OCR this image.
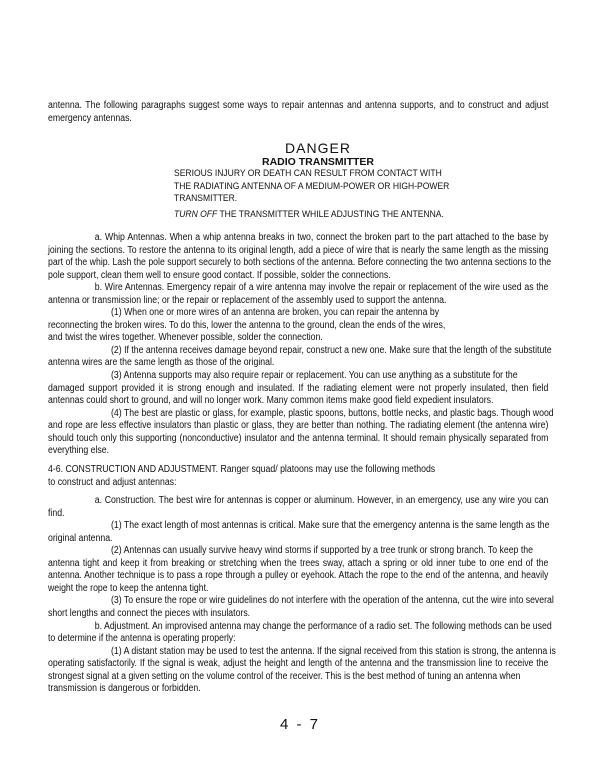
antenna. The following paragraphs suggest some ways to repair antennas and antenna supports, and to construct and adjust
emergency antennas.
DANGER
RADIO TRANSMITTER
SERIOUS INJURY OR DEATH CAN RESULT FROM CONTACT WITH
THE RADIATING ANTENNA OF A MEDIUM-POWER OR HIGH-POWER
TRANSMITTER.
TURN OFF THE TRANSMITTER WHILE ADJUSTING THE ANTENNA.
a. Whip Antennas. When a whip antenna breaks in two, connect the broken part to the part attached to the base by
joining the sections. To restore the antenna to its original length, add a piece of wire that is nearly the same length as the missing
part of the whip. Lash the pole support securely to both sections of the antenna. Before connecting the two antenna sections to the
pole support, clean them well to ensure good contact. If possible, solder the connections.
b. Wire Antennas. Emergency repair of a wire antenna may involve the repair or replacement of the wire used as the
antenna or transmission line; or the repair or replacement of the assembly used to support the antenna.
(1) When one or more wires of an antenna are broken, you can repair the antenna by
reconnecting the broken wires. To do this, lower the antenna to the ground, clean the ends of the wires,
and twist the wires together. Whenever possible, solder the connection.
(2) If the antenna receives damage beyond repair, construct a new one. Make sure that the length of the substitute
antenna wires are the same length as those of the original.
(3) Antenna supports may also require repair or replacement. You can use anything as a substitute for the
damaged support provided it is strong enough and insulated. If the radiating element were not properly insulated, then field
antennas could short to ground, and will no longer work. Many common items make good field expedient insulators.
(4) The best are plastic or glass, for example, plastic spoons, buttons, bottle necks, and plastic bags. Though wood
and rope are less effective insulators than plastic or glass, they are better than nothing. The radiating element (the antenna wire)
should touch only this supporting (nonconductive) insulator and the antenna terminal. It should remain physically separated from
everything else.
4-6. CONSTRUCTION AND ADJUSTMENT. Ranger squad/ platoons may use the following methods
to construct and adjust antennas:
a. Construction. The best wire for antennas is copper or aluminum. However, in an emergency, use any wire you can
find.
(1) The exact length of most antennas is critical. Make sure that the emergency antenna is the same length as the
original antenna.
(2) Antennas can usually survive heavy wind storms if supported by a tree trunk or strong branch. To keep the
antenna tight and keep it from breaking or stretching when the trees sway, attach a spring or old inner tube to one end of the
antenna. Another technique is to pass a rope through a pulley or eyehook. Attach the rope to the end of the antenna, and heavily
weight the rope to keep the antenna tight.
(3) To ensure the rope or wire guidelines do not interfere with the operation of the antenna, cut the wire into several
short lengths and connect the pieces with insulators.
b. Adjustment. An improvised antenna may change the performance of a radio set. The following methods can be used
to determine if the antenna is operating properly:
(1) A distant station may be used to test the antenna. If the signal received from this station is strong, the antenna is
operating satisfactorily. If the signal is weak, adjust the height and length of the antenna and the transmission line to receive the
strongest signal at a given setting on the volume control of the receiver. This is the best method of tuning an antenna when
transmission is dangerous or forbidden.
4 - 7
